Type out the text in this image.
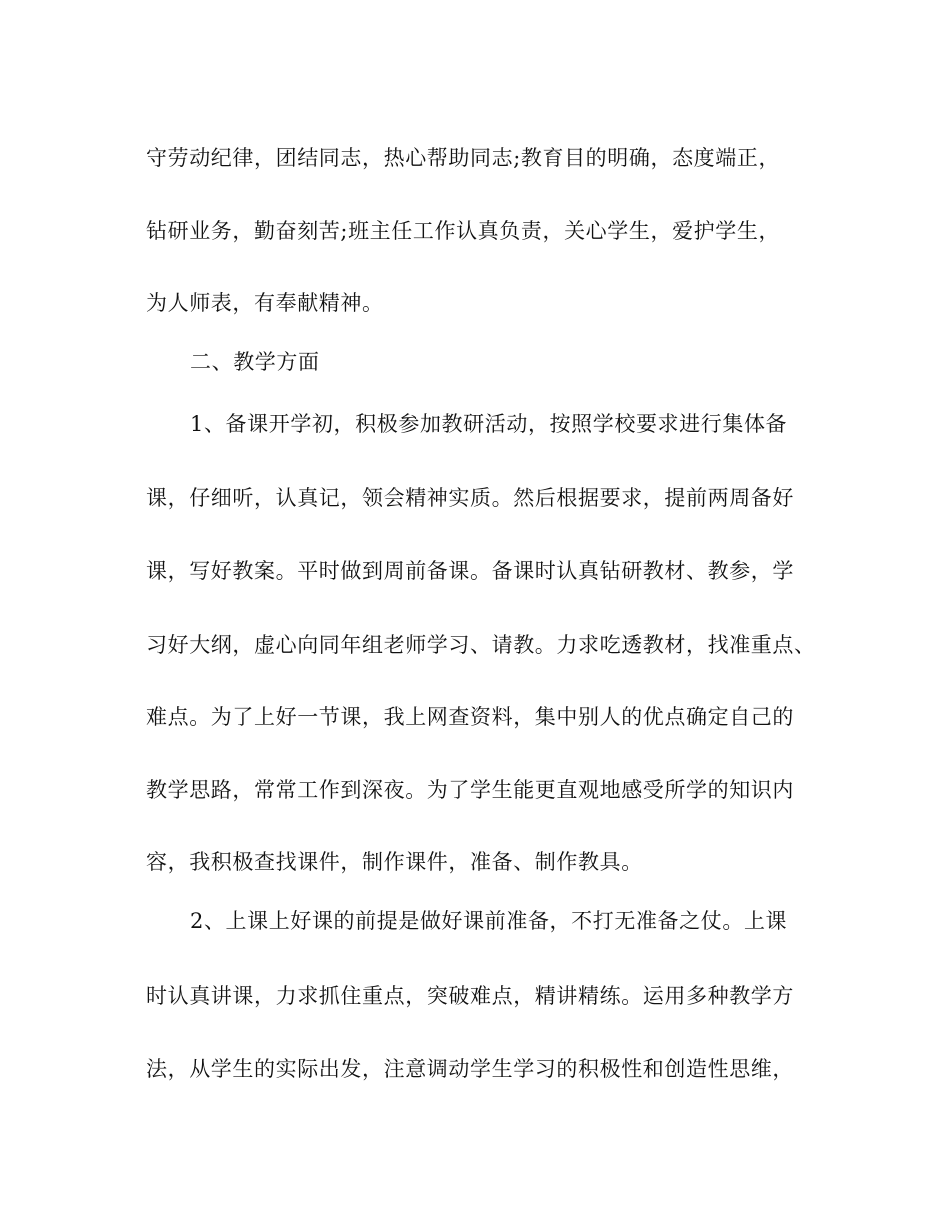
守劳动纪律，团结同志，热心帮助同志;教育目的明确，态度端正，
钻研业务，勤奋刻苦;班主任工作认真负责，关心学生，爱护学生，
为人师表，有奉献精神。
二、教学方面
1、备课开学初，积极参加教研活动，按照学校要求进行集体备
课，仔细听，认真记，领会精神实质。然后根据要求，提前两周备好
课，写好教案。平时做到周前备课。备课时认真钻研教材、教参，学
习好大纲，虚心向同年组老师学习、请教。力求吃透教材，找准重点、
难点。为了上好一节课，我上网查资料，集中别人的优点确定自己的
教学思路，常常工作到深夜。为了学生能更直观地感受所学的知识内
容，我积极查找课件，制作课件，准备、制作教具。
2、上课上好课的前提是做好课前准备，不打无准备之仗。上课
时认真讲课，力求抓住重点，突破难点，精讲精练。运用多种教学方
法，从学生的实际出发，注意调动学生学习的积极性和创造性思维，
